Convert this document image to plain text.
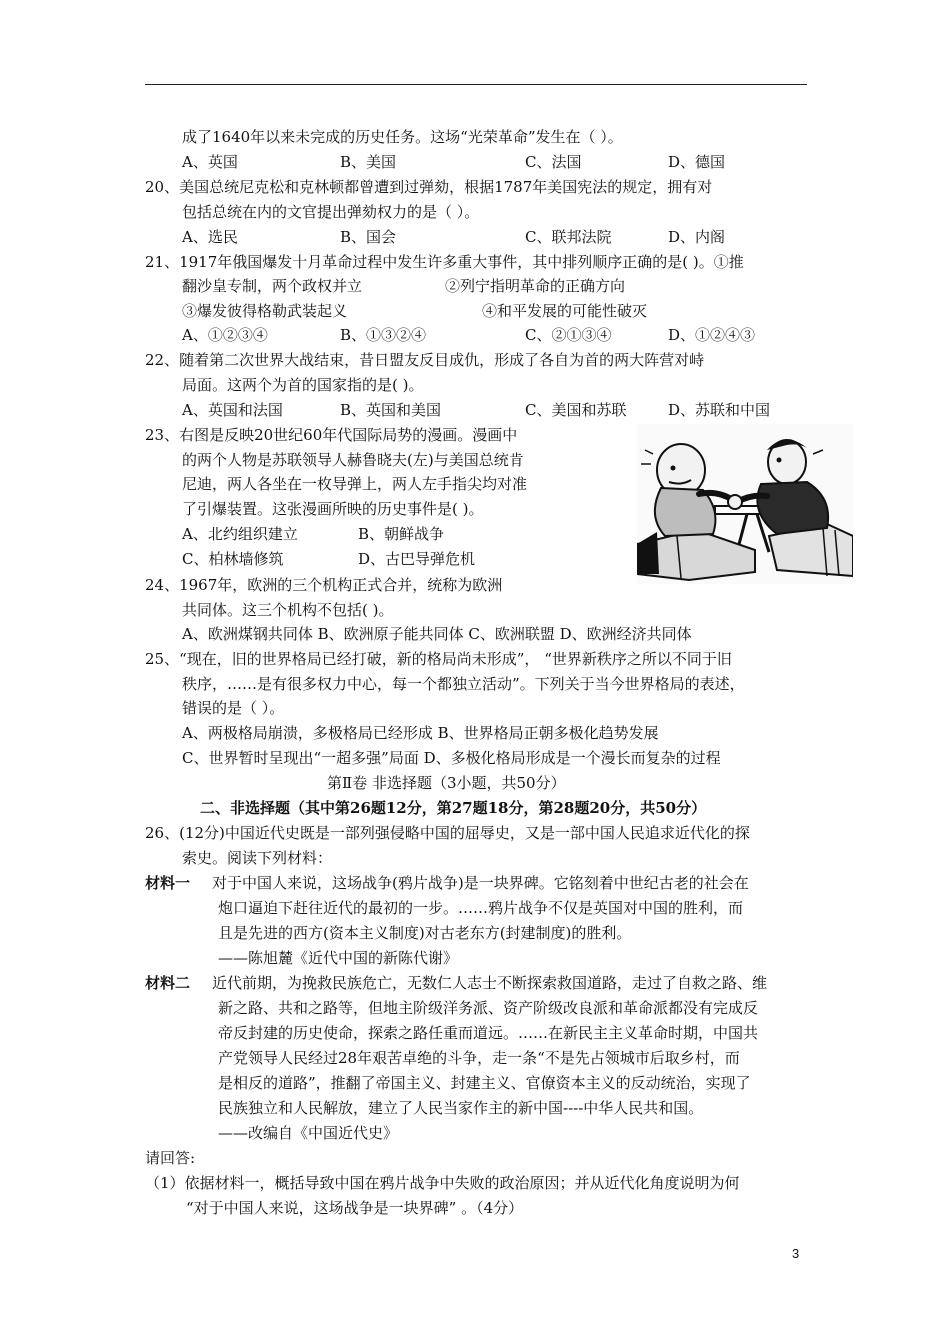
成了1640年以来未完成的历史任务。这场“光荣革命”发生在（ ）。
A、英国	B、美国	C、法国	D、德国
20、美国总统尼克松和克林顿都曾遭到过弹劾，根据1787年美国宪法的规定，拥有对
包括总统在内的文官提出弹劾权力的是（ ）。
A、选民	B、国会	C、联邦法院	D、内阁
21、1917年俄国爆发十月革命过程中发生许多重大事件，其中排列顺序正确的是( )。①推
翻沙皇专制，两个政权并立	②列宁指明革命的正确方向
③爆发彼得格勒武装起义	④和平发展的可能性破灭
A、①②③④	B、①③②④	C、②①③④	D、①②④③
22、随着第二次世界大战结束，昔日盟友反目成仇，形成了各自为首的两大阵营对峙
局面。这两个为首的国家指的是( )。
A、英国和法国	B、英国和美国	C、美国和苏联	D、苏联和中国
23、右图是反映20世纪60年代国际局势的漫画。漫画中
的两个人物是苏联领导人赫鲁晓夫(左)与美国总统肯
尼迪，两人各坐在一枚导弹上，两人左手指尖均对准
了引爆装置。这张漫画所映的历史事件是( )。
A、北约组织建立	B、朝鲜战争
C、柏林墙修筑	D、古巴导弹危机
24、1967年，欧洲的三个机构正式合并，统称为欧洲
共同体。这三个机构不包括( )。
A、欧洲煤钢共同体 B、欧洲原子能共同体 C、欧洲联盟 D、欧洲经济共同体
25、“现在，旧的世界格局已经打破，新的格局尚未形成”， “世界新秩序之所以不同于旧
秩序，……是有很多权力中心，每一个都独立活动”。下列关于当今世界格局的表述，
错误的是（ ）。
A、两极格局崩溃，多极格局已经形成 B、世界格局正朝多极化趋势发展
C、世界暂时呈现出“一超多强”局面 D、多极化格局形成是一个漫长而复杂的过程
第Ⅱ卷 非选择题（3小题，共50分）
二、非选择题（其中第26题12分，第27题18分，第28题20分，共50分）
26、(12分)中国近代史既是一部列强侵略中国的屈辱史，又是一部中国人民追求近代化的探
索史。阅读下列材料：
材料一 对于中国人来说，这场战争(鸦片战争)是一块界碑。它铭刻着中世纪古老的社会在
炮口逼迫下赶往近代的最初的一步。……鸦片战争不仅是英国对中国的胜利，而
且是先进的西方(资本主义制度)对古老东方(封建制度)的胜利。
——陈旭麓《近代中国的新陈代谢》
材料二 近代前期，为挽救民族危亡，无数仁人志士不断探索救国道路，走过了自救之路、维
新之路、共和之路等，但地主阶级洋务派、资产阶级改良派和革命派都没有完成反
帝反封建的历史使命，探索之路任重而道远。……在新民主主义革命时期，中国共
产党领导人民经过28年艰苦卓绝的斗争，走一条“不是先占领城市后取乡村，而
是相反的道路”，推翻了帝国主义、封建主义、官僚资本主义的反动统治，实现了
民族独立和人民解放，建立了人民当家作主的新中国----中华人民共和国。
——改编自《中国近代史》
请回答:
（1）依据材料一，概括导致中国在鸦片战争中失败的政治原因；并从近代化角度说明为何
“对于中国人来说，这场战争是一块界碑” 。（4分）
3
